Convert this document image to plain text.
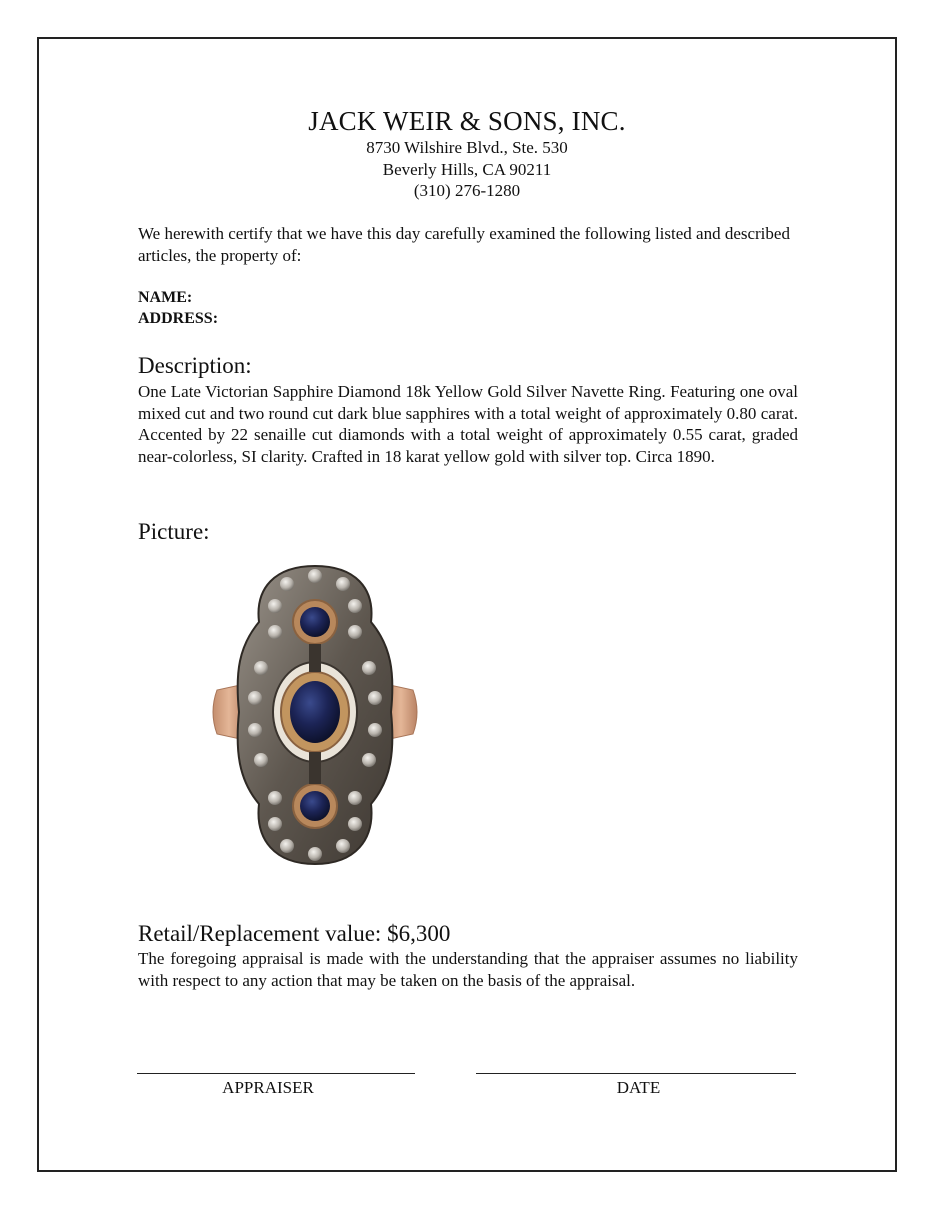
JACK WEIR & SONS, INC.
8730 Wilshire Blvd., Ste. 530
Beverly Hills, CA 90211
(310) 276-1280
We herewith certify that we have this day carefully examined the following listed and described articles, the property of:
NAME:
ADDRESS:
Description:
One Late Victorian Sapphire Diamond 18k Yellow Gold Silver Navette Ring. Featuring one oval mixed cut and two round cut dark blue sapphires with a total weight of approximately 0.80 carat. Accented by 22 senaille cut diamonds with a total weight of approximately 0.55 carat, graded near-colorless, SI clarity. Crafted in 18 karat yellow gold with silver top. Circa 1890.
Picture:
Retail/Replacement value: $6,300
The foregoing appraisal is made with the understanding that the appraiser assumes no liability with respect to any action that may be taken on the basis of the appraisal.
APPRAISER	DATE
